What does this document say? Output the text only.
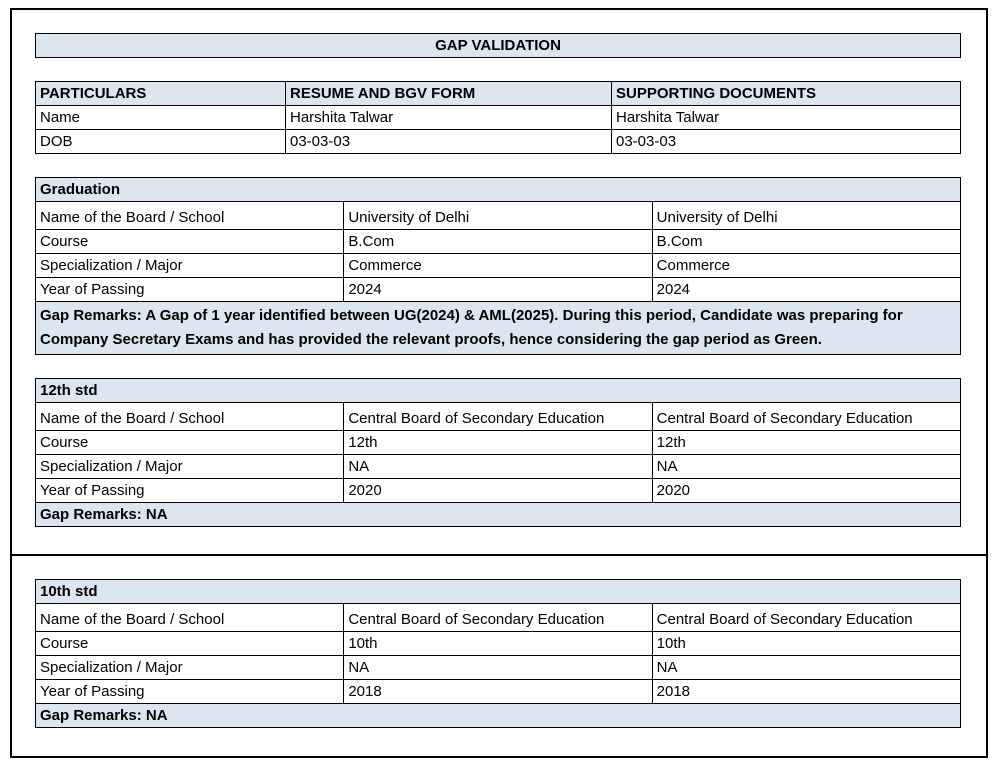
GAP VALIDATION
PARTICULARS	RESUME AND BGV FORM	SUPPORTING DOCUMENTS
Name	Harshita Talwar	Harshita Talwar
DOB	03-03-03	03-03-03
Graduation		
Name of the Board / School	University of Delhi	University of Delhi
Course	B.Com	B.Com
Specialization / Major	Commerce	Commerce
Year of Passing	2024	2024
Gap Remarks: A Gap of 1 year identified between UG(2024) & AML(2025). During this period, Candidate was preparing for Company Secretary Exams and has provided the relevant proofs, hence considering the gap period as Green.		
12th std		
Name of the Board / School	Central Board of Secondary Education	Central Board of Secondary Education
Course	12th	12th
Specialization / Major	NA	NA
Year of Passing	2020	2020
Gap Remarks: NA		
10th std		
Name of the Board / School	Central Board of Secondary Education	Central Board of Secondary Education
Course	10th	10th
Specialization / Major	NA	NA
Year of Passing	2018	2018
Gap Remarks: NA		
